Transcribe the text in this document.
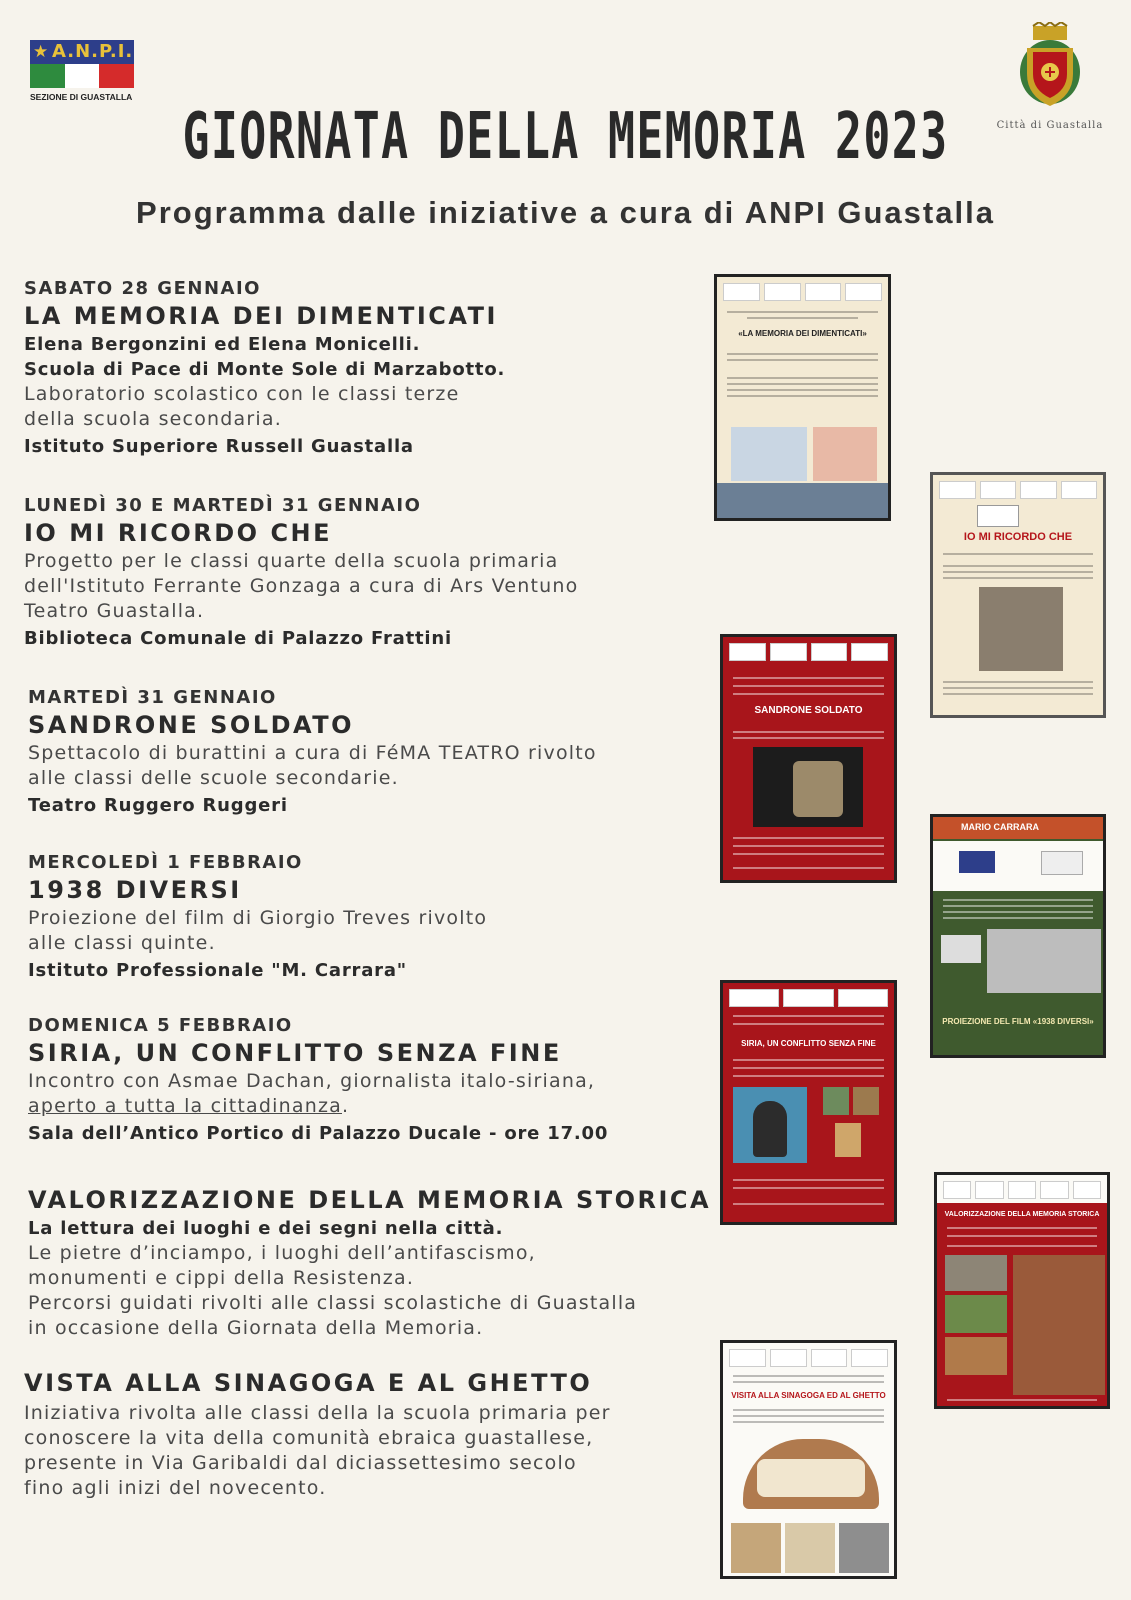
★ A.N.P.I.
SEZIONE DI GUASTALLA
Città di Guastalla
GIORNATA DELLA MEMORIA 2023
Programma dalle iniziative a cura di ANPI Guastalla
SABATO 28 GENNAIO
LA MEMORIA DEI DIMENTICATI
Elena Bergonzini ed Elena Monicelli.
Scuola di Pace di Monte Sole di Marzabotto.
Laboratorio scolastico con le classi terze
della scuola secondaria.
Istituto Superiore Russell Guastalla
LUNEDÌ 30 E MARTEDÌ 31 GENNAIO
IO MI RICORDO CHE
Progetto per le classi quarte della scuola primaria
dell'Istituto Ferrante Gonzaga a cura di Ars Ventuno
Teatro Guastalla.
Biblioteca Comunale di Palazzo Frattini
MARTEDÌ 31 GENNAIO
SANDRONE SOLDATO
Spettacolo di burattini a cura di FéMA TEATRO rivolto
alle classi delle scuole secondarie.
Teatro Ruggero Ruggeri
MERCOLEDÌ 1 FEBBRAIO
1938 DIVERSI
Proiezione del film di Giorgio Treves rivolto
alle classi quinte.
Istituto Professionale "M. Carrara"
DOMENICA 5 FEBBRAIO
SIRIA, UN CONFLITTO SENZA FINE
Incontro con Asmae Dachan, giornalista italo-siriana,
aperto a tutta la cittadinanza.
Sala dell’Antico Portico di Palazzo Ducale - ore 17.00
VALORIZZAZIONE DELLA MEMORIA STORICA
La lettura dei luoghi e dei segni nella città.
Le pietre d’inciampo, i luoghi dell’antifascismo,
monumenti e cippi della Resistenza.
Percorsi guidati rivolti alle classi scolastiche di Guastalla
in occasione della Giornata della Memoria.
VISTA ALLA SINAGOGA E AL GHETTO
Iniziativa rivolta alle classi della la scuola primaria per
conoscere la vita della comunità ebraica guastallese,
presente in Via Garibaldi dal diciassettesimo secolo
fino agli inizi del novecento.
«LA MEMORIA DEI DIMENTICATI»
IO MI RICORDO CHE
SANDRONE SOLDATO
MARIO CARRARA
PROIEZIONE DEL FILM «1938 DIVERSI»
SIRIA, UN CONFLITTO SENZA FINE
VALORIZZAZIONE DELLA MEMORIA STORICA
VISITA ALLA SINAGOGA ED AL GHETTO
